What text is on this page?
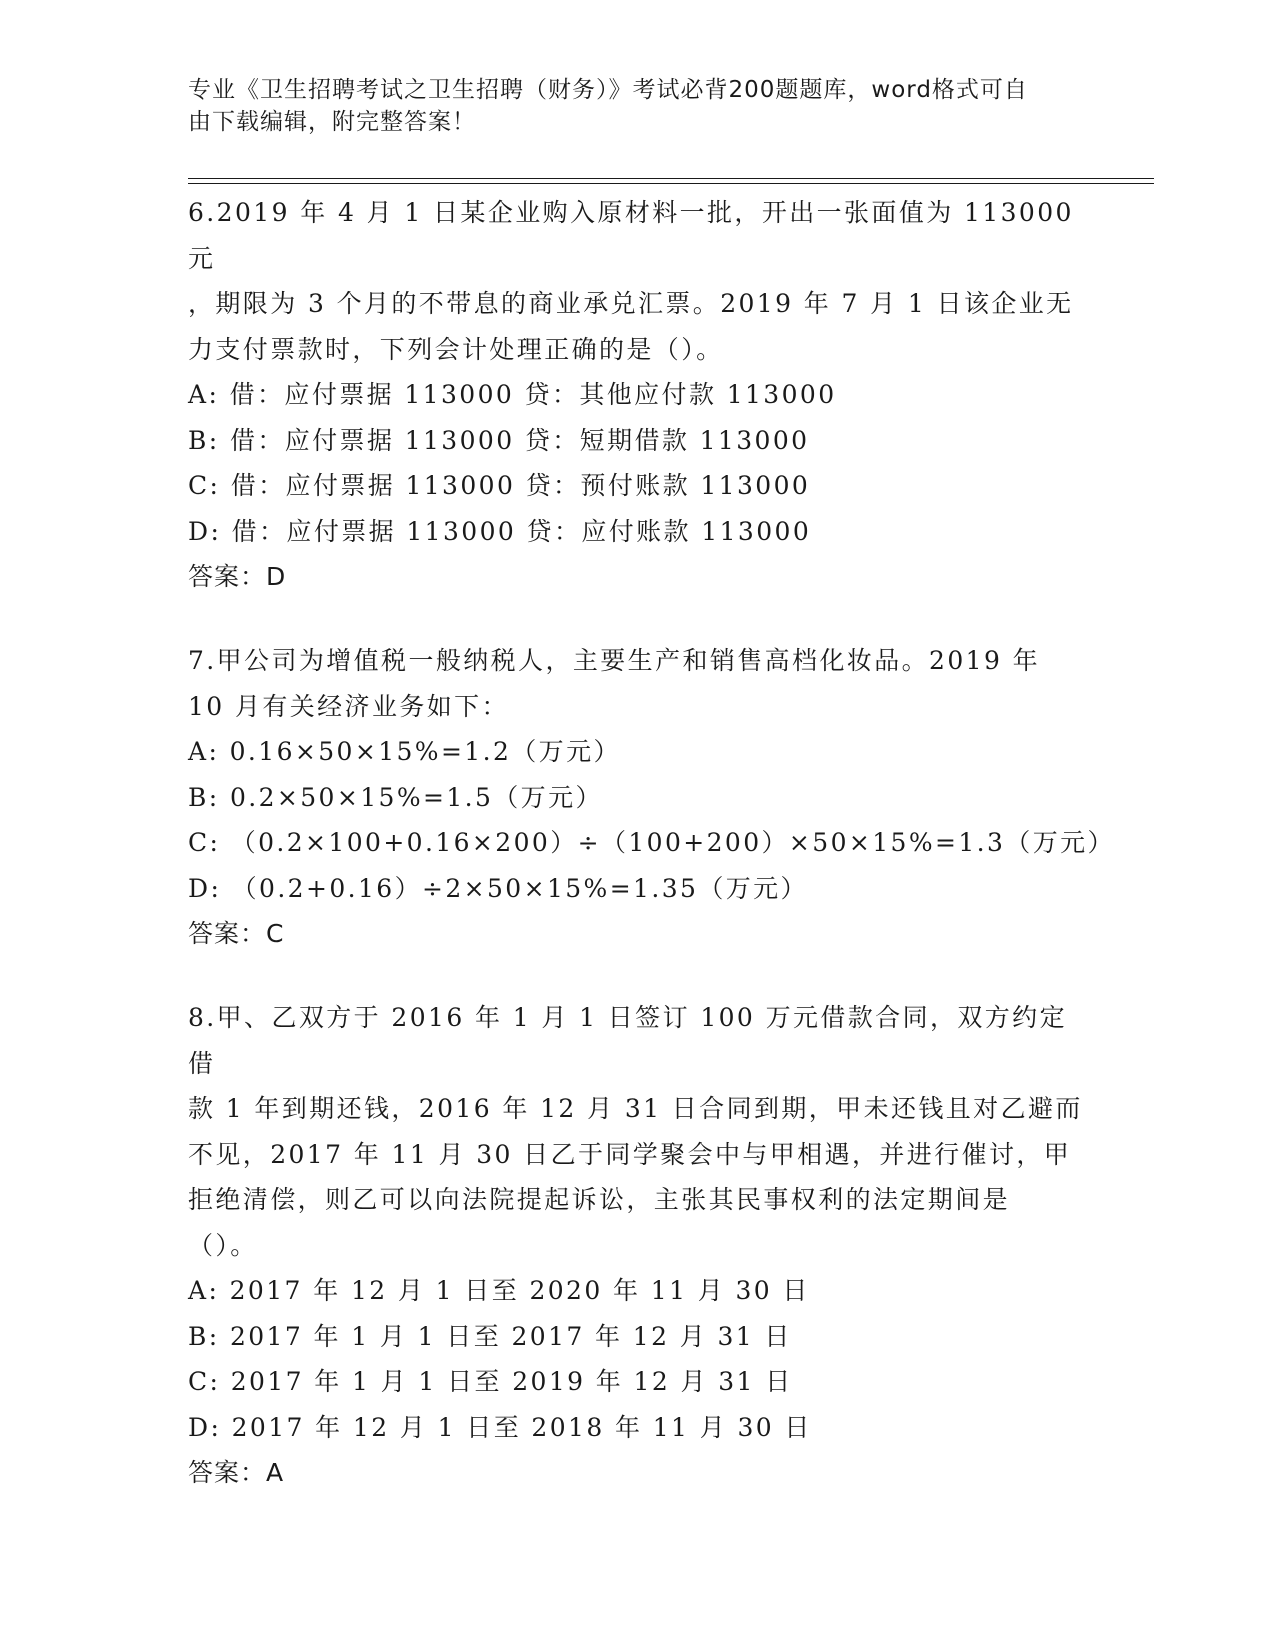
专业《卫生招聘考试之卫生招聘（财务）》考试必背200题题库，word格式可自
由下载编辑，附完整答案！
6.2019 年 4 月 1 日某企业购入原材料一批，开出一张面值为 113000 元
，期限为 3 个月的不带息的商业承兑汇票。2019 年 7 月 1 日该企业无
力支付票款时，下列会计处理正确的是（）。
A: 借：应付票据 113000 贷：其他应付款 113000
B: 借：应付票据 113000 贷：短期借款 113000
C: 借：应付票据 113000 贷：预付账款 113000
D: 借：应付票据 113000 贷：应付账款 113000
答案：D
7.甲公司为增值税一般纳税人，主要生产和销售高档化妆品。2019 年
10 月有关经济业务如下：
A: 0.16×50×15%=1.2（万元）
B: 0.2×50×15%=1.5（万元）
C: （0.2×100+0.16×200）÷（100+200）×50×15%=1.3（万元）
D: （0.2+0.16）÷2×50×15%=1.35（万元）
答案：C
8.甲、乙双方于 2016 年 1 月 1 日签订 100 万元借款合同，双方约定借
款 1 年到期还钱，2016 年 12 月 31 日合同到期，甲未还钱且对乙避而
不见，2017 年 11 月 30 日乙于同学聚会中与甲相遇，并进行催讨，甲
拒绝清偿，则乙可以向法院提起诉讼，主张其民事权利的法定期间是
（）。
A: 2017 年 12 月 1 日至 2020 年 11 月 30 日
B: 2017 年 1 月 1 日至 2017 年 12 月 31 日
C: 2017 年 1 月 1 日至 2019 年 12 月 31 日
D: 2017 年 12 月 1 日至 2018 年 11 月 30 日
答案：A
